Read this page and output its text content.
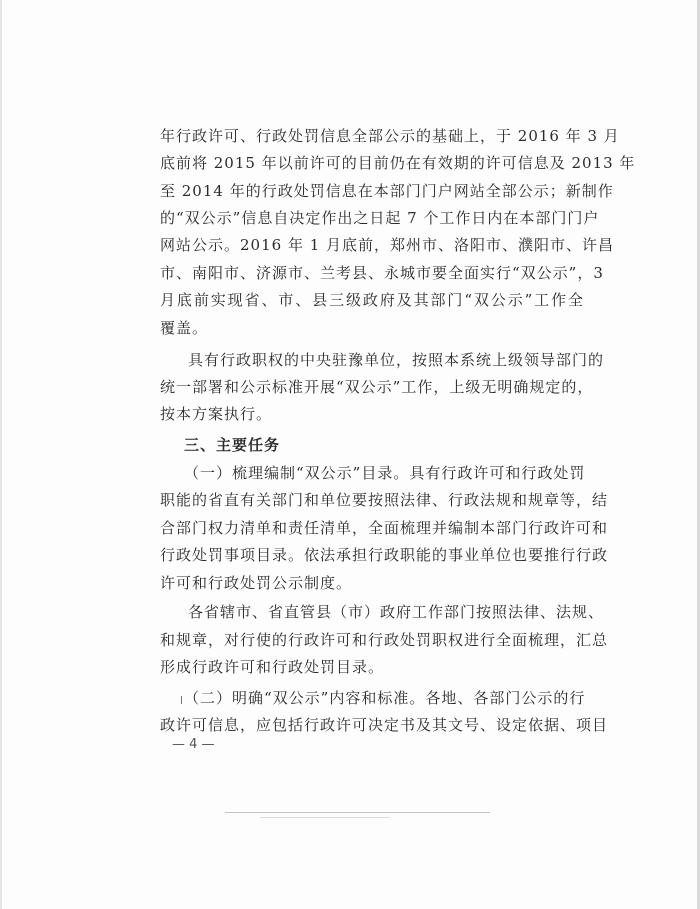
年行政许可、行政处罚信息全部公示的基础上，于 2016 年 3 月
底前将 2015 年以前许可的目前仍在有效期的许可信息及 2013 年
至 2014 年的行政处罚信息在本部门门户网站全部公示；新制作
的“双公示”信息自决定作出之日起 7 个工作日内在本部门门户
网站公示。2016 年 1 月底前，郑州市、洛阳市、濮阳市、许昌
市、南阳市、济源市、兰考县、永城市要全面实行“双公示”，3
月底前实现省、市、县三级政府及其部门“双公示”工作全
覆盖。
具有行政职权的中央驻豫单位，按照本系统上级领导部门的
统一部署和公示标准开展“双公示”工作，上级无明确规定的，
按本方案执行。
三、主要任务
（一）梳理编制“双公示”目录。具有行政许可和行政处罚
职能的省直有关部门和单位要按照法律、行政法规和规章等，结
合部门权力清单和责任清单，全面梳理并编制本部门行政许可和
行政处罚事项目录。依法承担行政职能的事业单位也要推行行政
许可和行政处罚公示制度。
各省辖市、省直管县（市）政府工作部门按照法律、法规、
和规章，对行使的行政许可和行政处罚职权进行全面梳理，汇总
形成行政许可和行政处罚目录。
（二）明确“双公示”内容和标准。各地、各部门公示的行
政许可信息，应包括行政许可决定书及其文号、设定依据、项目
— 4 —
